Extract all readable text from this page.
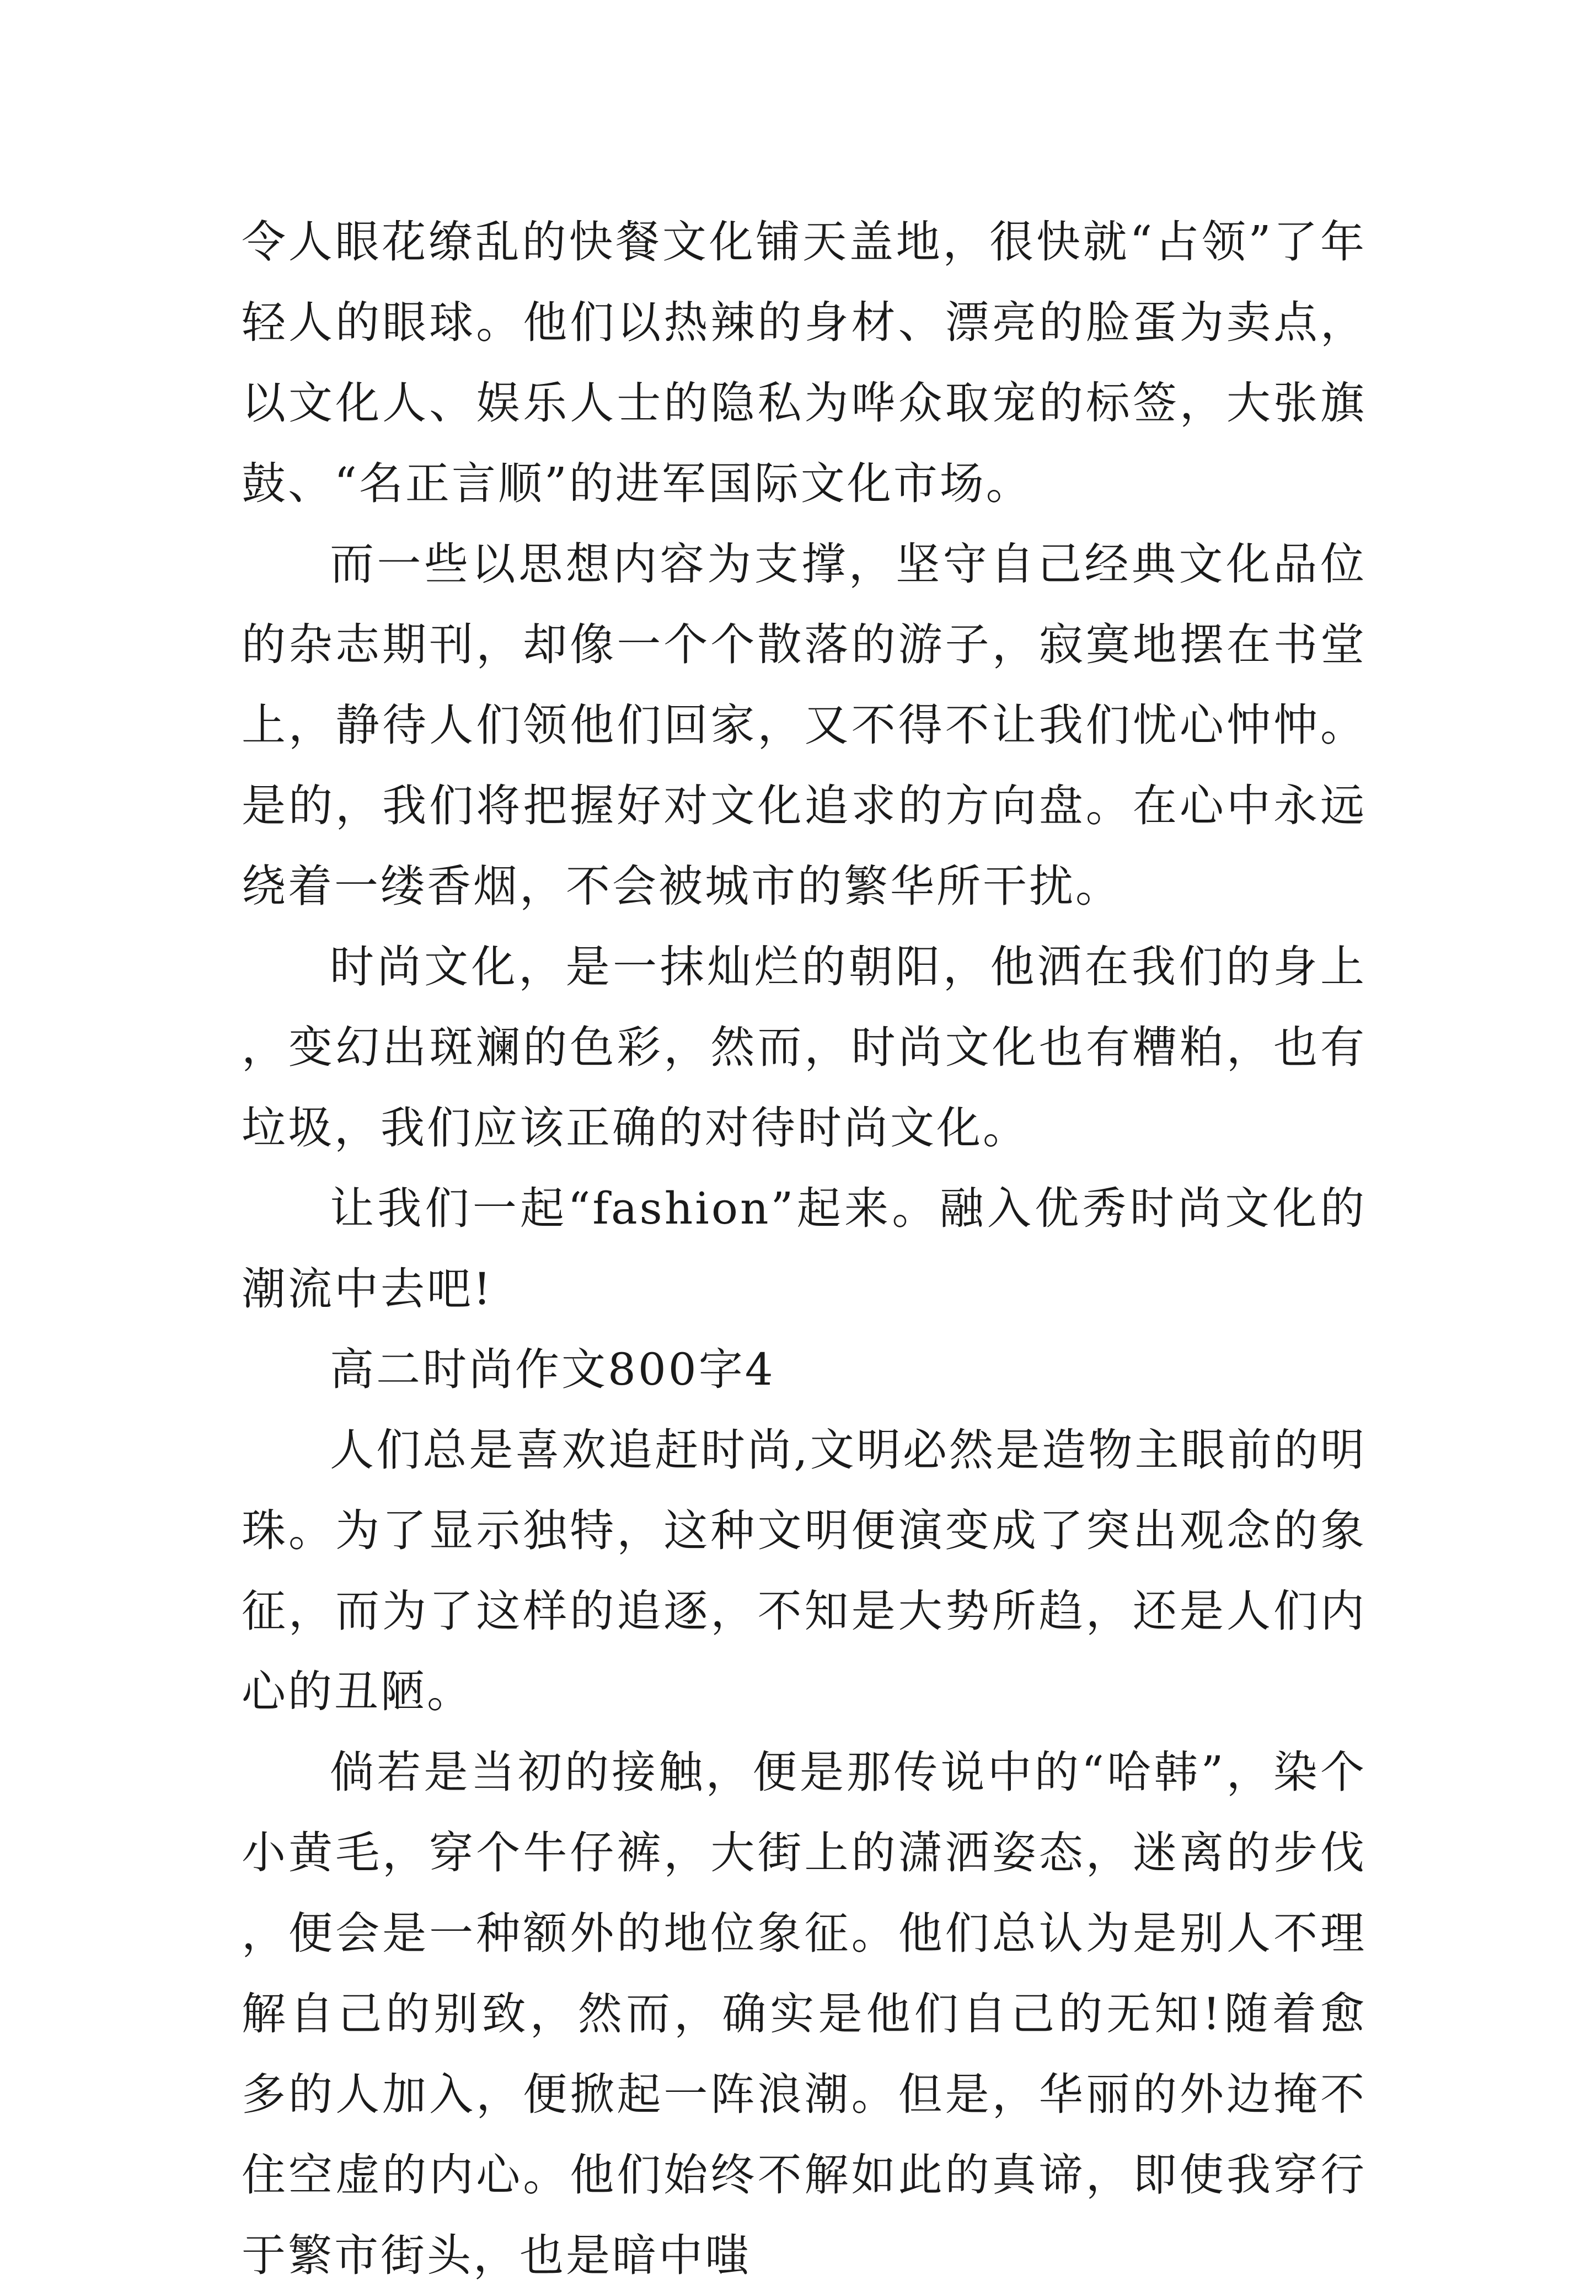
令人眼花缭乱的快餐文化铺天盖地，很快就“占领”了年轻人的眼球。他们以热辣的身材、漂亮的脸蛋为卖点，以文化人、娱乐人士的隐私为哗众取宠的标签，大张旗鼓、“名正言顺”的进军国际文化市场。

而一些以思想内容为支撑，坚守自己经典文化品位的杂志期刊，却像一个个散落的游子，寂寞地摆在书堂上，静待人们领他们回家，又不得不让我们忧心忡忡。是的，我们将把握好对文化追求的方向盘。在心中永远绕着一缕香烟，不会被城市的繁华所干扰。

时尚文化，是一抹灿烂的朝阳，他洒在我们的身上，变幻出斑斓的色彩，然而，时尚文化也有糟粕，也有垃圾，我们应该正确的对待时尚文化。

让我们一起“fashion”起来。融入优秀时尚文化的潮流中去吧!

高二时尚作文800字4

人们总是喜欢追赶时尚,文明必然是造物主眼前的明珠。为了显示独特，这种文明便演变成了突出观念的象征，而为了这样的追逐，不知是大势所趋，还是人们内心的丑陋。

倘若是当初的接触，便是那传说中的“哈韩”，染个小黄毛，穿个牛仔裤，大街上的潇洒姿态，迷离的步伐，便会是一种额外的地位象征。他们总认为是别人不理解自己的别致，然而，确实是他们自己的无知!随着愈多的人加入，便掀起一阵浪潮。但是，华丽的外边掩不住空虚的内心。他们始终不解如此的真谛，即使我穿行于繁市街头，也是暗中嗤
